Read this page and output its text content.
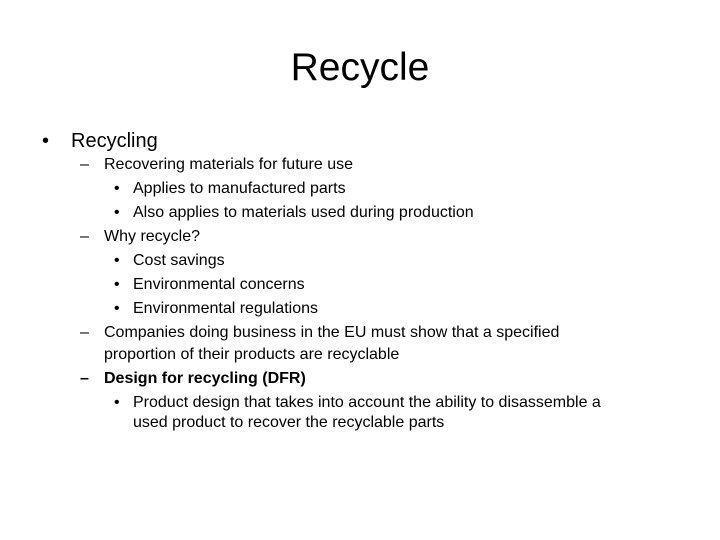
Recycle
• Recycling
– Recovering materials for future use
• Applies to manufactured parts
• Also applies to materials used during production
– Why recycle?
• Cost savings
• Environmental concerns
• Environmental regulations
– Companies doing business in the EU must show that a specified
proportion of their products are recyclable
– Design for recycling (DFR)
• Product design that takes into account the ability to disassemble a
used product to recover the recyclable parts
